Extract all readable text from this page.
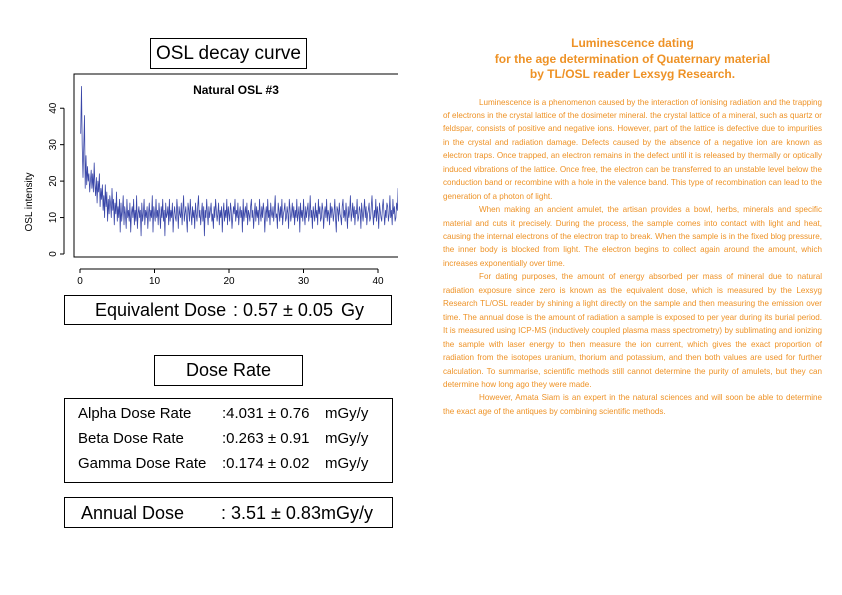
OSL decay curve
Natural OSL #3
OSL intensity
0	10	20	30	40
0
10
20
30
40
Equivalent Dose : 0.57 ± 0.05 Gy
Dose Rate
Alpha Dose Rate :4.031 ± 0.76 mGy/y
Beta Dose Rate	:0.263 ± 0.91 mGy/y
Gamma Dose Rate :0.174 ± 0.02 mGy/y
Annual Dose : 3.51 ± 0.83 mGy/y
Luminescence dating
for the age determination of Quaternary material
by TL/OSL reader Lexsyg Research.

Luminescence is a phenomenon caused by the interaction of ionising radiation and the trapping of electrons in the crystal lattice of the dosimeter mineral. the crystal lattice of a mineral, such as quartz or feldspar, consists of positive and negative ions. However, part of the lattice is defective due to impurities in the crystal and radiation damage. Defects caused by the absence of a negative ion are known as electron traps. Once trapped, an electron remains in the defect until it is released by thermally or optically induced vibrations of the lattice. Once free, the electron can be transferred to an unstable level below the conduction band or recombine with a hole in the valence band. This type of recombination can lead to the generation of a photon of light.

When making an ancient amulet, the artisan provides a bowl, herbs, minerals and specific material and cuts it precisely. During the process, the sample comes into contact with light and heat, causing the internal electrons of the electron trap to break. When the sample is in the fixed blog pressure, the inner body is blocked from light. The electron begins to collect again around the amount, which increases exponentially over time.

For dating purposes, the amount of energy absorbed per mass of mineral due to natural radiation exposure since zero is known as the equivalent dose, which is measured by the Lexsyg Research TL/OSL reader by shining a light directly on the sample and then measuring the emission over time. The annual dose is the amount of radiation a sample is exposed to per year during its burial period. It is measured using ICP-MS (inductively coupled plasma mass spectrometry) by sublimating and ionizing the sample with laser energy to then measure the ion current, which gives the exact proportion of radiation from the isotopes uranium, thorium and potassium, and then both values are used for further calculation. To summarise, scientific methods still cannot determine the purity of amulets, but they can determine how long ago they were made.

However, Amata Siam is an expert in the natural sciences and will soon be able to determine the exact age of the antiques by combining scientific methods.
